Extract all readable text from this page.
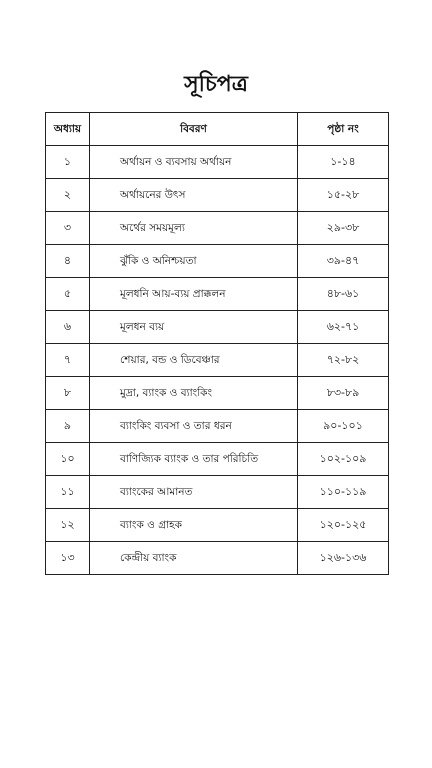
সূচিপত্র
অধ্যায়	বিবরণ	পৃষ্ঠা নং
১	অর্থায়ন ও ব্যবসায় অর্থায়ন	১-১৪
২	অর্থায়নের উৎস	১৫-২৮
৩	অর্থের সময়মূল্য	২৯-৩৮
৪	ঝুঁকি ও অনিশ্চয়তা	৩৯-৪৭
৫	মূলধনি আয়-ব্যয় প্রাক্কলন	৪৮-৬১
৬	মূলধন ব্যয়	৬২-৭১
৭	শেয়ার, বন্ড ও ডিবেঞ্চার	৭২-৮২
৮	মুদ্রা, ব্যাংক ও ব্যাংকিং	৮৩-৮৯
৯	ব্যাংকিং ব্যবসা ও তার ধরন	৯০-১০১
১০	বাণিজ্যিক ব্যাংক ও তার পরিচিতি	১০২-১০৯
১১	ব্যাংকের আমানত	১১০-১১৯
১২	ব্যাংক ও গ্রাহক	১২০-১২৫
১৩	কেন্দ্রীয় ব্যাংক	১২৬-১৩৬
